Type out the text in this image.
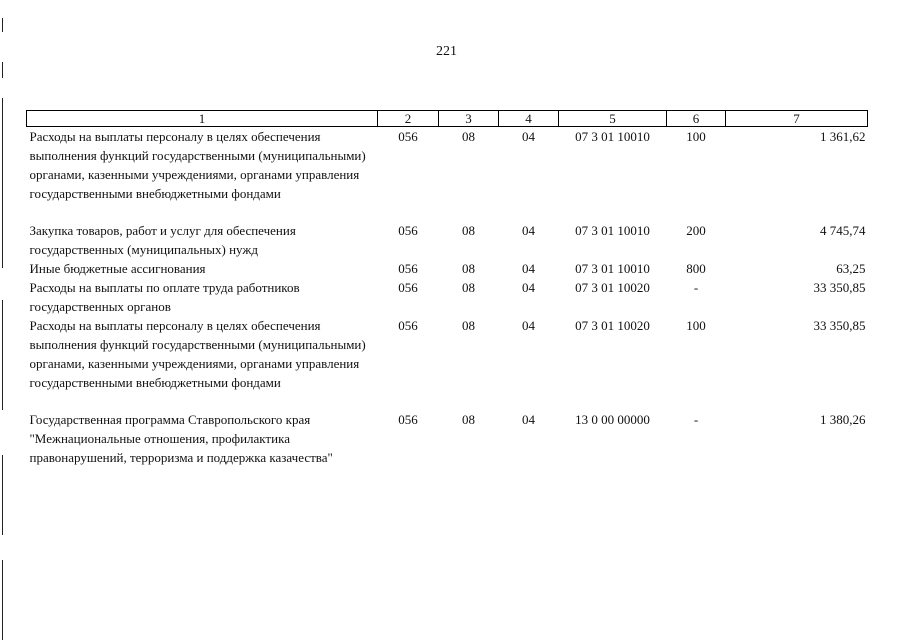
221
1	2	3	4	5	6	7
Расходы на выплаты персоналу в целях обеспечения выполнения функций государственными (муниципальными) органами, казенными учреждениями, органами управления государственными внебюджетными фондами	056	08	04	07 3 01 10010	100	1 361,62
Закупка товаров, работ и услуг для обеспечения государственных (муниципальных) нужд	056	08	04	07 3 01 10010	200	4 745,74
Иные бюджетные ассигнования	056	08	04	07 3 01 10010	800	63,25
Расходы на выплаты по оплате труда работников государственных органов	056	08	04	07 3 01 10020	-	33 350,85
Расходы на выплаты персоналу в целях обеспечения выполнения функций государственными (муниципальными) органами, казенными учреждениями, органами управления государственными внебюджетными фондами	056	08	04	07 3 01 10020	100	33 350,85
Государственная программа Ставропольского края "Межнациональные отношения, профилактика правонарушений, терроризма и поддержка казачества"	056	08	04	13 0 00 00000	-	1 380,26
